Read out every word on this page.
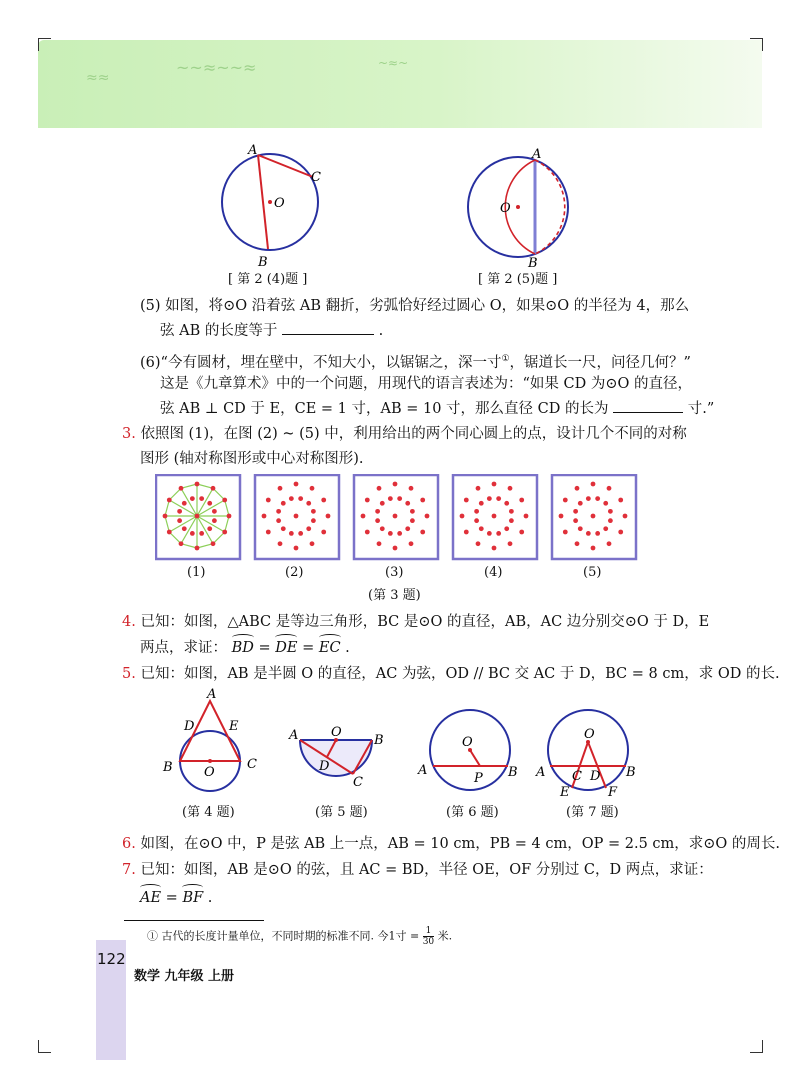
≈≈
~~≈~~≈	~≈~
A
C
O
B
[ 第 2 (4)题 ]
A
O
B
[ 第 2 (5)题 ]
(5) 如图，将⊙O 沿着弦 AB 翻折，劣弧恰好经过圆心 O，如果⊙O 的半径为 4，那么
弦 AB 的长度等于	.
(6)“今有圆材，埋在壁中，不知大小，以锯锯之，深一寸①，锯道长一尺，问径几何？”
这是《九章算术》中的一个问题，用现代的语言表述为：“如果 CD 为⊙O 的直径，
弦 AB ⊥ CD 于 E，CE = 1 寸，AB = 10 寸，那么直径 CD 的长为	寸.”
3. 依照图 (1)，在图 (2) ~ (5) 中，利用给出的两个同心圆上的点，设计几个不同的对称
图形 (轴对称图形或中心对称图形).
(1)	(2)	(3)	(4)	(5)
(第 3 题)
4. 已知：如图，△ABC 是等边三角形，BC 是⊙O 的直径，AB，AC 边分别交⊙O 于 D，E
两点，求证： BD = DE = EC .
5. 已知：如图，AB 是半圆 O 的直径，AC 为弦，OD // BC 交 AC 于 D，BC = 8 cm，求 OD 的长.
A
D	E
B	C
O
(第 4 题)
A	O
B
D
C
(第 5 题)
O
A
P B
(第 6 题)
O
A	B
C D
E	F
(第 7 题)
6. 如图，在⊙O 中，P 是弦 AB 上一点，AB = 10 cm，PB = 4 cm，OP = 2.5 cm，求⊙O 的周长.
7. 已知：如图，AB 是⊙O 的弦，且 AC = BD，半径 OE，OF 分别过 C，D 两点，求证：
AE = BF .
① 古代的长度计量单位，不同时期的标准不同. 今1寸 = $\frac{1}{30}$ 米.
122
数学 九年级 上册
